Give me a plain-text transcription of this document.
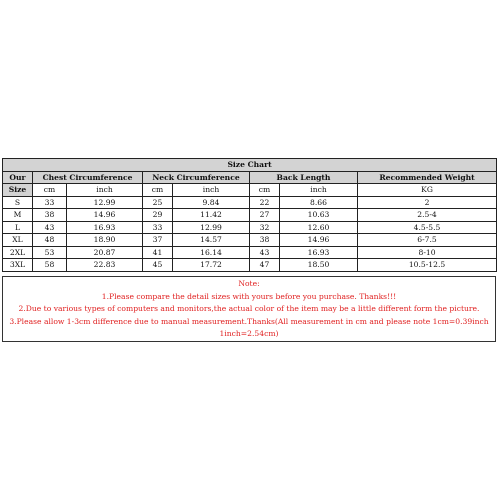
Size Chart							
Our	Chest Circumference		Neck Circumference		Back Length		Recommended Weight
Size	cm	inch	cm	inch	cm	inch	KG
S	33	12.99	25	9.84	22	8.66	2
M	38	14.96	29	11.42	27	10.63	2.5-4
L	43	16.93	33	12.99	32	12.60	4.5-5.5
XL	48	18.90	37	14.57	38	14.96	6-7.5
2XL	53	20.87	41	16.14	43	16.93	8-10
3XL	58	22.83	45	17.72	47	18.50	10.5-12.5
Note:
1.Please compare the detail sizes with yours before you purchase. Thanks!!!
2.Due to various types of computers and monitors,the actual color of the item may be a little different form the picture.
3.Please allow 1-3cm difference due to manual measurement.Thanks(All measurement in cm and please note 1cm=0.39inch
1inch=2.54cm)
